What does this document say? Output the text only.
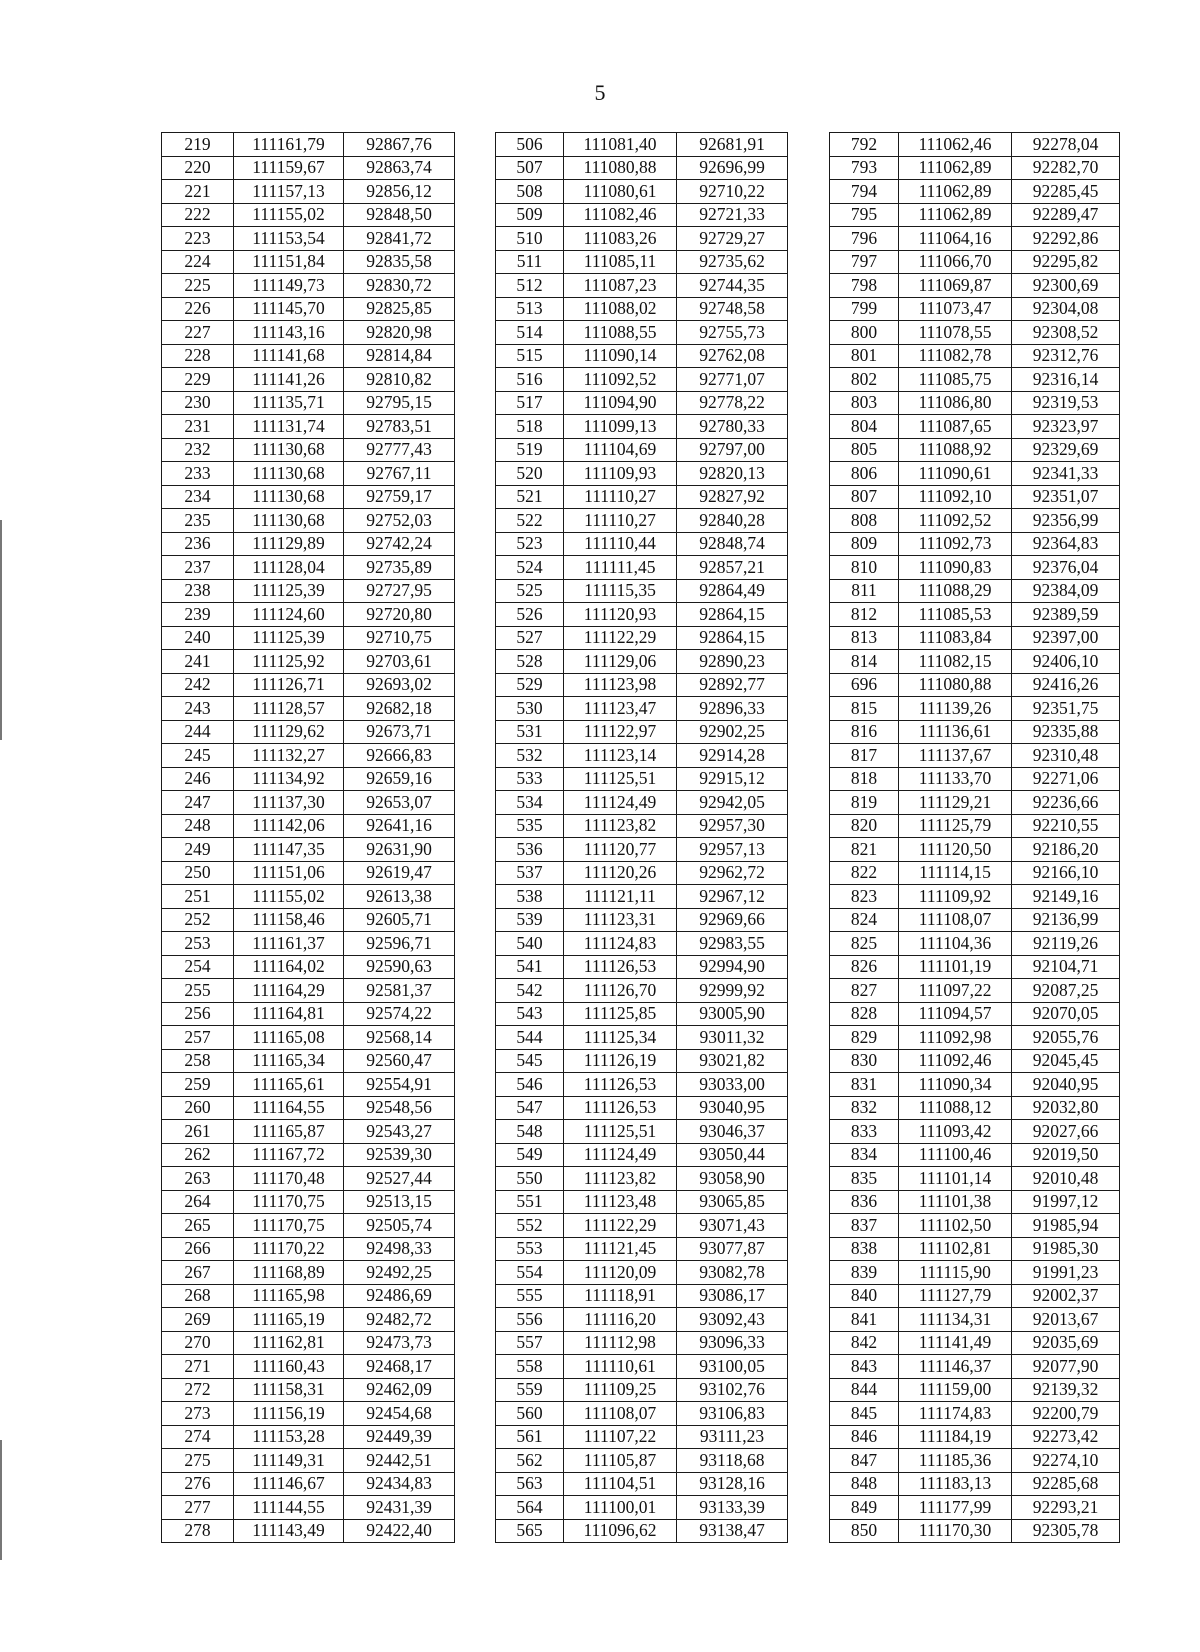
5
219	111161,79	92867,76		506	111081,40	92681,91		792	111062,46	92278,04
220	111159,67	92863,74		507	111080,88	92696,99		793	111062,89	92282,70
221	111157,13	92856,12		508	111080,61	92710,22		794	111062,89	92285,45
222	111155,02	92848,50		509	111082,46	92721,33		795	111062,89	92289,47
223	111153,54	92841,72		510	111083,26	92729,27		796	111064,16	92292,86
224	111151,84	92835,58		511	111085,11	92735,62		797	111066,70	92295,82
225	111149,73	92830,72		512	111087,23	92744,35		798	111069,87	92300,69
226	111145,70	92825,85		513	111088,02	92748,58		799	111073,47	92304,08
227	111143,16	92820,98		514	111088,55	92755,73		800	111078,55	92308,52
228	111141,68	92814,84		515	111090,14	92762,08		801	111082,78	92312,76
229	111141,26	92810,82		516	111092,52	92771,07		802	111085,75	92316,14
230	111135,71	92795,15		517	111094,90	92778,22		803	111086,80	92319,53
231	111131,74	92783,51		518	111099,13	92780,33		804	111087,65	92323,97
232	111130,68	92777,43		519	111104,69	92797,00		805	111088,92	92329,69
233	111130,68	92767,11		520	111109,93	92820,13		806	111090,61	92341,33
234	111130,68	92759,17		521	111110,27	92827,92		807	111092,10	92351,07
235	111130,68	92752,03		522	111110,27	92840,28		808	111092,52	92356,99
236	111129,89	92742,24		523	111110,44	92848,74		809	111092,73	92364,83
237	111128,04	92735,89		524	111111,45	92857,21		810	111090,83	92376,04
238	111125,39	92727,95		525	111115,35	92864,49		811	111088,29	92384,09
239	111124,60	92720,80		526	111120,93	92864,15		812	111085,53	92389,59
240	111125,39	92710,75		527	111122,29	92864,15		813	111083,84	92397,00
241	111125,92	92703,61		528	111129,06	92890,23		814	111082,15	92406,10
242	111126,71	92693,02		529	111123,98	92892,77		696	111080,88	92416,26
243	111128,57	92682,18		530	111123,47	92896,33		815	111139,26	92351,75
244	111129,62	92673,71		531	111122,97	92902,25		816	111136,61	92335,88
245	111132,27	92666,83		532	111123,14	92914,28		817	111137,67	92310,48
246	111134,92	92659,16		533	111125,51	92915,12		818	111133,70	92271,06
247	111137,30	92653,07		534	111124,49	92942,05		819	111129,21	92236,66
248	111142,06	92641,16		535	111123,82	92957,30		820	111125,79	92210,55
249	111147,35	92631,90		536	111120,77	92957,13		821	111120,50	92186,20
250	111151,06	92619,47		537	111120,26	92962,72		822	111114,15	92166,10
251	111155,02	92613,38		538	111121,11	92967,12		823	111109,92	92149,16
252	111158,46	92605,71		539	111123,31	92969,66		824	111108,07	92136,99
253	111161,37	92596,71		540	111124,83	92983,55		825	111104,36	92119,26
254	111164,02	92590,63		541	111126,53	92994,90		826	111101,19	92104,71
255	111164,29	92581,37		542	111126,70	92999,92		827	111097,22	92087,25
256	111164,81	92574,22		543	111125,85	93005,90		828	111094,57	92070,05
257	111165,08	92568,14		544	111125,34	93011,32		829	111092,98	92055,76
258	111165,34	92560,47		545	111126,19	93021,82		830	111092,46	92045,45
259	111165,61	92554,91		546	111126,53	93033,00		831	111090,34	92040,95
260	111164,55	92548,56		547	111126,53	93040,95		832	111088,12	92032,80
261	111165,87	92543,27		548	111125,51	93046,37		833	111093,42	92027,66
262	111167,72	92539,30		549	111124,49	93050,44		834	111100,46	92019,50
263	111170,48	92527,44		550	111123,82	93058,90		835	111101,14	92010,48
264	111170,75	92513,15		551	111123,48	93065,85		836	111101,38	91997,12
265	111170,75	92505,74		552	111122,29	93071,43		837	111102,50	91985,94
266	111170,22	92498,33		553	111121,45	93077,87		838	111102,81	91985,30
267	111168,89	92492,25		554	111120,09	93082,78		839	111115,90	91991,23
268	111165,98	92486,69		555	111118,91	93086,17		840	111127,79	92002,37
269	111165,19	92482,72		556	111116,20	93092,43		841	111134,31	92013,67
270	111162,81	92473,73		557	111112,98	93096,33		842	111141,49	92035,69
271	111160,43	92468,17		558	111110,61	93100,05		843	111146,37	92077,90
272	111158,31	92462,09		559	111109,25	93102,76		844	111159,00	92139,32
273	111156,19	92454,68		560	111108,07	93106,83		845	111174,83	92200,79
274	111153,28	92449,39		561	111107,22	93111,23		846	111184,19	92273,42
275	111149,31	92442,51		562	111105,87	93118,68		847	111185,36	92274,10
276	111146,67	92434,83		563	111104,51	93128,16		848	111183,13	92285,68
277	111144,55	92431,39		564	111100,01	93133,39		849	111177,99	92293,21
278	111143,49	92422,40		565	111096,62	93138,47		850	111170,30	92305,78
